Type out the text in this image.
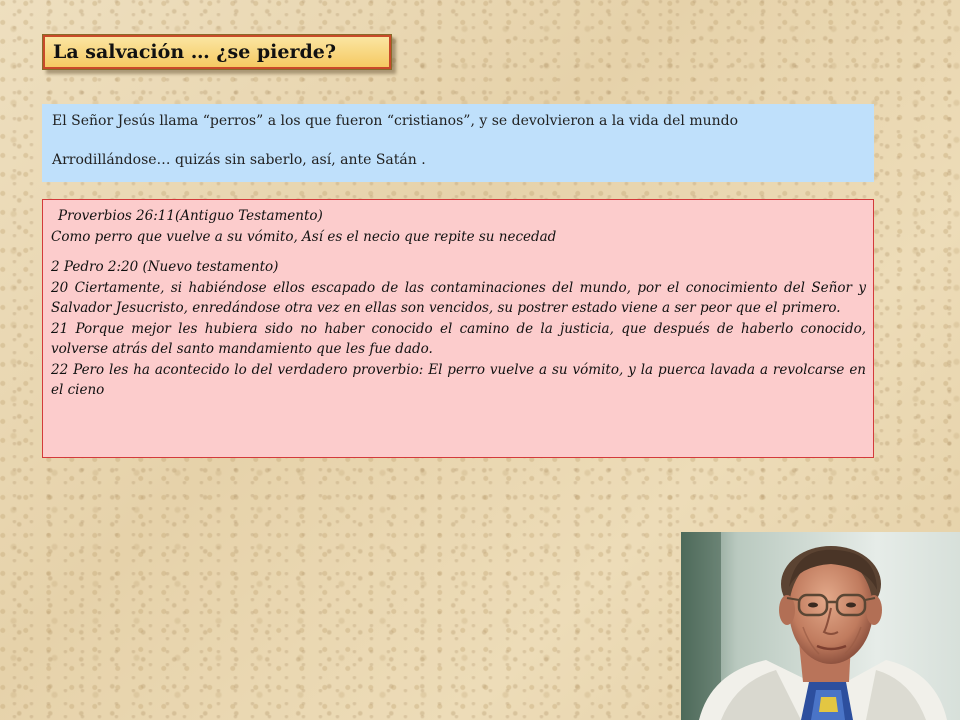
La salvación … ¿se pierde?

El Señor Jesús llama “perros” a los que fueron “cristianos”, y se devolvieron a la vida del mundo

Arrodillándose… quizás sin saberlo, así, ante Satán .

Proverbios 26:11(Antiguo Testamento)

Como perro que vuelve a su vómito, Así es el necio que repite su necedad

2 Pedro 2:20 (Nuevo testamento)

20 Ciertamente, si habiéndose ellos escapado de las contaminaciones del mundo, por el conocimiento del Señor y Salvador Jesucristo, enredándose otra vez en ellas son vencidos, su postrer estado viene a ser peor que el primero.

21 Porque mejor les hubiera sido no haber conocido el camino de la justicia, que después de haberlo conocido, volverse atrás del santo mandamiento que les fue dado.

22 Pero les ha acontecido lo del verdadero proverbio: El perro vuelve a su vómito, y la puerca lavada a revolcarse en el cieno
